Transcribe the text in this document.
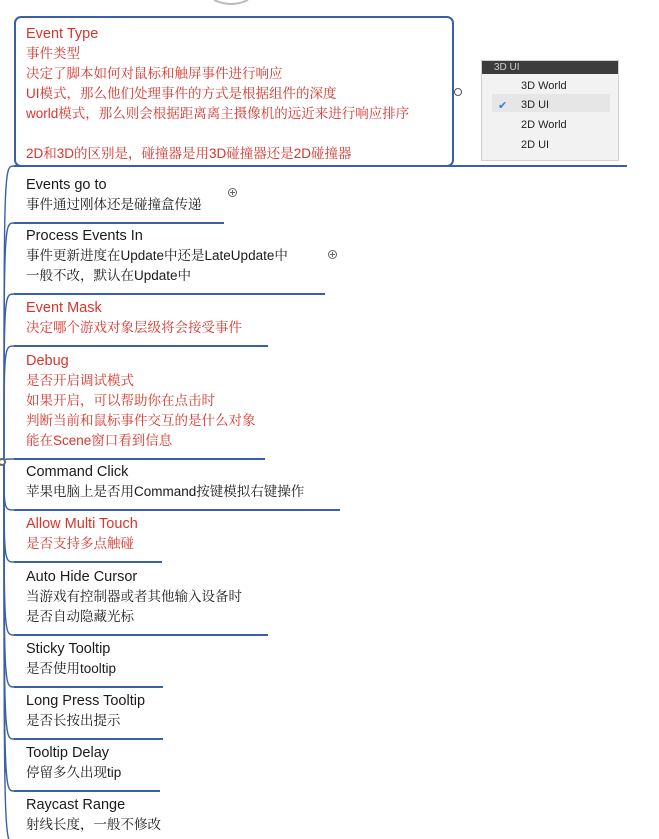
Event Type
事件类型
决定了脚本如何对鼠标和触屏事件进行响应
UI模式，那么他们处理事件的方式是根据组件的深度
world模式，那么则会根据距离离主摄像机的远近来进行响应排序

2D和3D的区别是，碰撞器是用3D碰撞器还是2D碰撞器
Events go to
事件通过刚体还是碰撞盒传递
Process Events In
事件更新进度在Update中还是LateUpdate中
一般不改，默认在Update中
Event Mask
决定哪个游戏对象层级将会接受事件
Debug
是否开启调试模式
如果开启，可以帮助你在点击时
判断当前和鼠标事件交互的是什么对象
能在Scene窗口看到信息
Command Click
苹果电脑上是否用Command按键模拟右键操作
Allow Multi Touch
是否支持多点触碰
Auto Hide Cursor
当游戏有控制器或者其他输入设备时
是否自动隐藏光标
Sticky Tooltip
是否使用tooltip
Long Press Tooltip
是否长按出提示
Tooltip Delay
停留多久出现tip
Raycast Range
射线长度，一般不修改
3D UI
✔
3D World
3D UI
2D World
2D UI
